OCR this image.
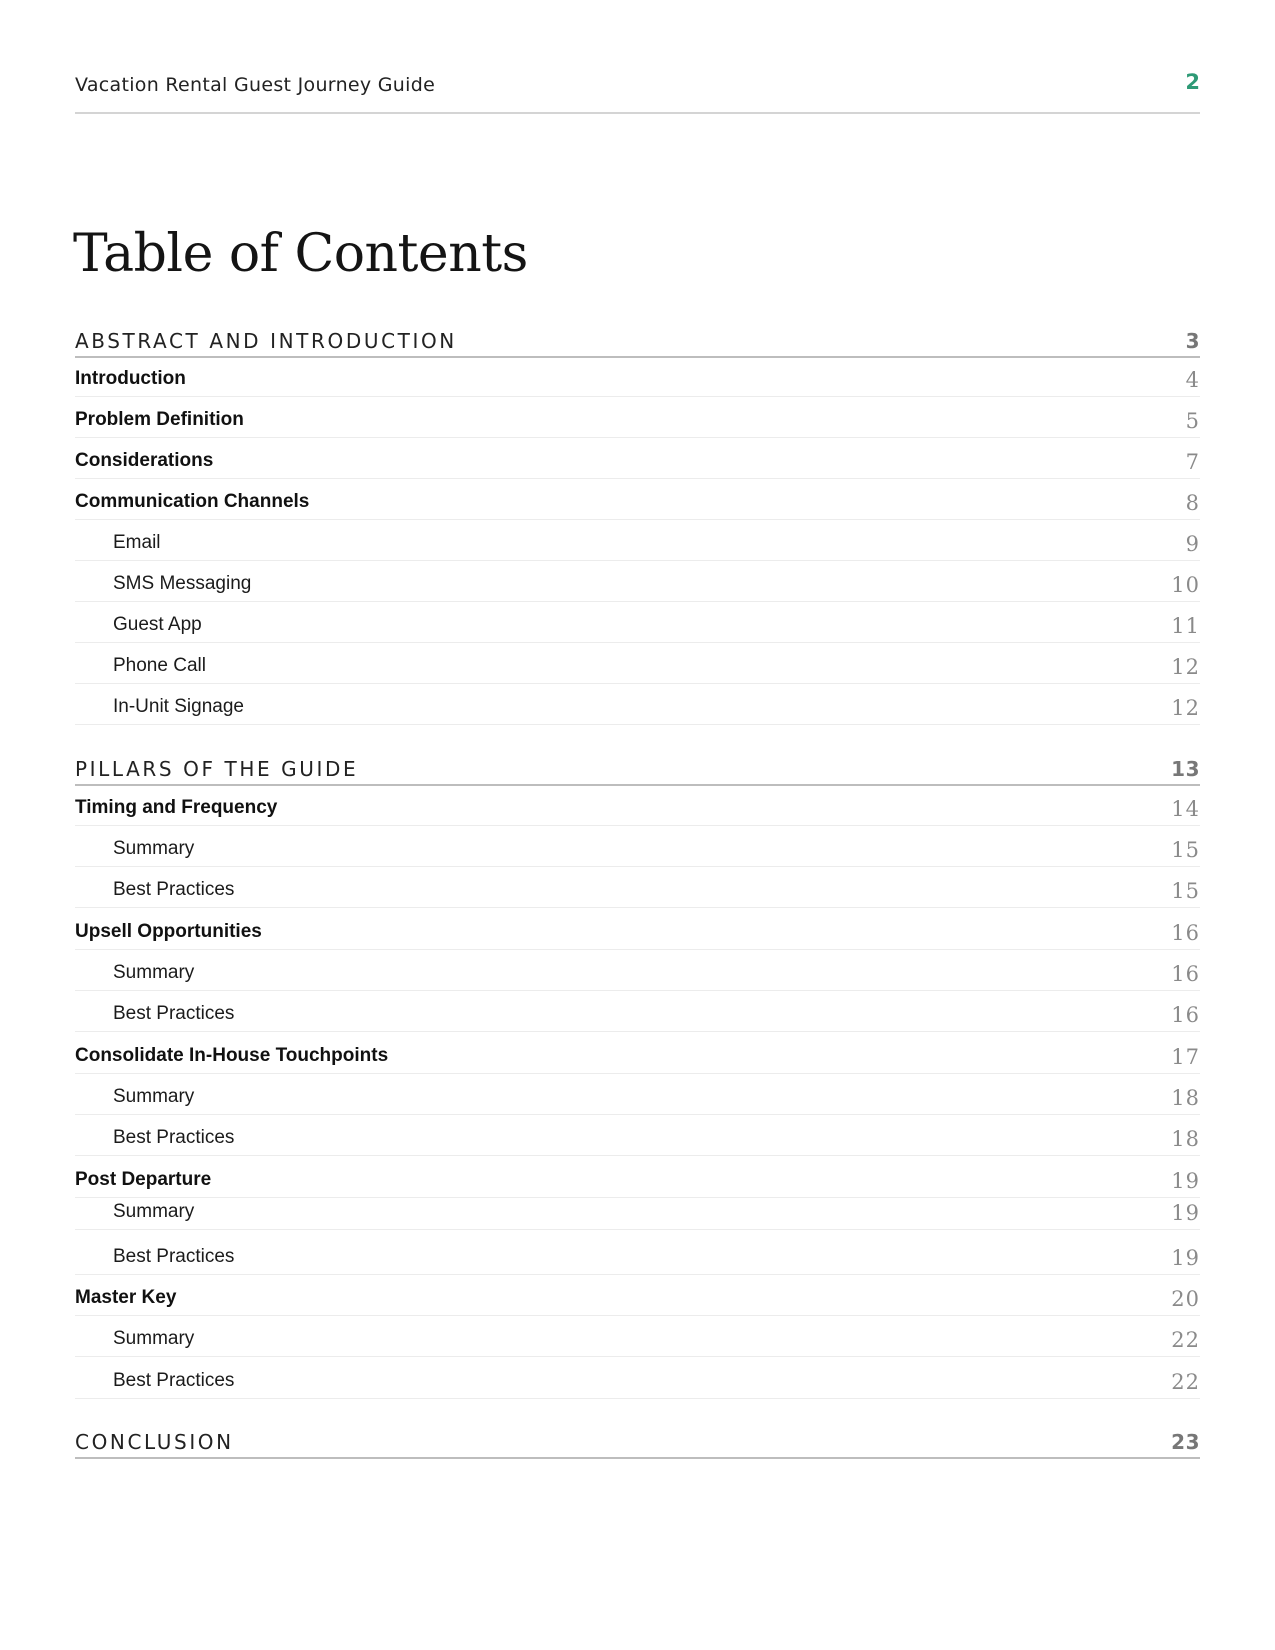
Vacation Rental Guest Journey Guide	2
Table of Contents
ABSTRACT AND INTRODUCTION	3
Introduction	4
Problem Definition	5
Considerations	7
Communication Channels	8
Email	9
SMS Messaging	10
Guest App	11
Phone Call	12
In-Unit Signage	12
PILLARS OF THE GUIDE	13
Timing and Frequency	14
Summary	15
Best Practices	15
Upsell Opportunities	16
Summary	16
Best Practices	16
Consolidate In-House Touchpoints	17
Summary	18
Best Practices	18
Post Departure	19
Summary	19
Best Practices	19
Master Key	20
Summary	22
Best Practices	22
CONCLUSION	23
